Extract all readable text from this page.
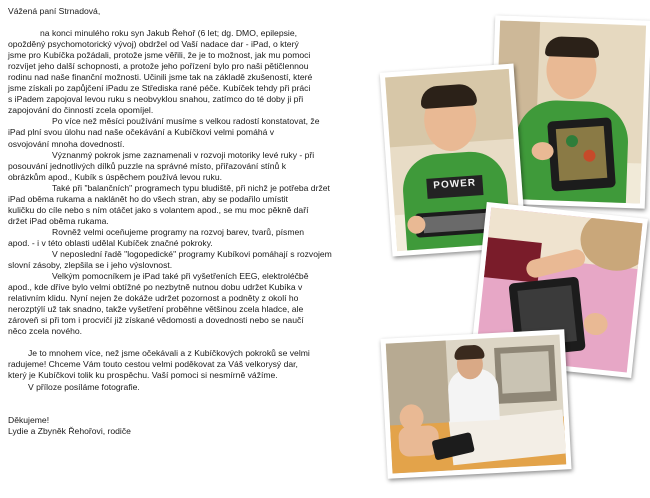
Vážená paní Strnadová,

na konci minulého roku syn Jakub Řehoř (6 let; dg. DMO, epilepsie,

opožděný psychomotorický vývoj) obdržel od Vaší nadace dar - iPad, o který

jsme pro Kubíčka požádali, protože jsme věřili, že je to možnost, jak mu pomoci

rozvíjet jeho další schopnosti, a protože jeho pořízení bylo pro naši pětičlennou

rodinu nad naše finanční možnosti. Učinili jsme tak na základě zkušeností, které

jsme získali po zapůjčení iPadu ze Střediska rané péče. Kubíček tehdy při práci

s iPadem zapojoval levou ruku s neobvyklou snahou, zatímco do té doby ji při

zapojování do činností zcela opomíjel.

Po více než měsíci používání musíme s velkou radostí konstatovat, že

iPad plní svou úlohu nad naše očekávání a Kubíčkovi velmi pomáhá v

osvojování mnoha dovedností.

Význanmý pokrok jsme zaznamenali v rozvoji motoriky levé ruky - při

posouvání jednotlivých dílků puzzle na správné místo, přiřazování stínů k

obrázkům apod., Kubík s úspěchem používá levou ruku.

Také při "balančních" programech typu bludiště, při nichž je potřeba držet

iPad oběma rukama a naklánět ho do všech stran, aby se podařilo umístit

kuličku do cíle nebo s ním otáčet jako s volantem apod., se mu moc pěkně daří

držet iPad oběma rukama.

Rovněž velmi oceňujeme programy na rozvoj barev, tvarů, písmen

apod. - i v této oblasti udělal Kubíček značné pokroky.

V neposlední řadě "logopedické" programy Kubíkovi pomáhají s rozvojem

slovní zásoby, zlepšila se i jeho výslovnost.

Velkým pomocníkem je iPad také při vyšetřeních EEG, elektroléčbě

apod., kde dříve bylo velmi obtížné po nezbytně nutnou dobu udržet Kubíka v

relativním klidu. Nyní nejen že dokáže udržet pozornost a podněty z okolí ho

nerozptýlí už tak snadno, takže vyšetření proběhne většinou zcela hladce, ale

zároveň si při tom i procvičí již získané vědomosti a dovednosti nebo se naučí

něco zcela nového.

Je to mnohem více, než jsme očekávali a z Kubíčkových pokroků se velmi

radujeme! Chceme Vám touto cestou velmi poděkovat za Váš velkorysý dar,

který je Kubíčkovi tolik ku prospěchu. Vaší pomoci si nesmírně vážíme.

V příloze posíláme fotografie.

Děkujeme!

Lydie a Zbyněk Řehořovi, rodiče

POWER
